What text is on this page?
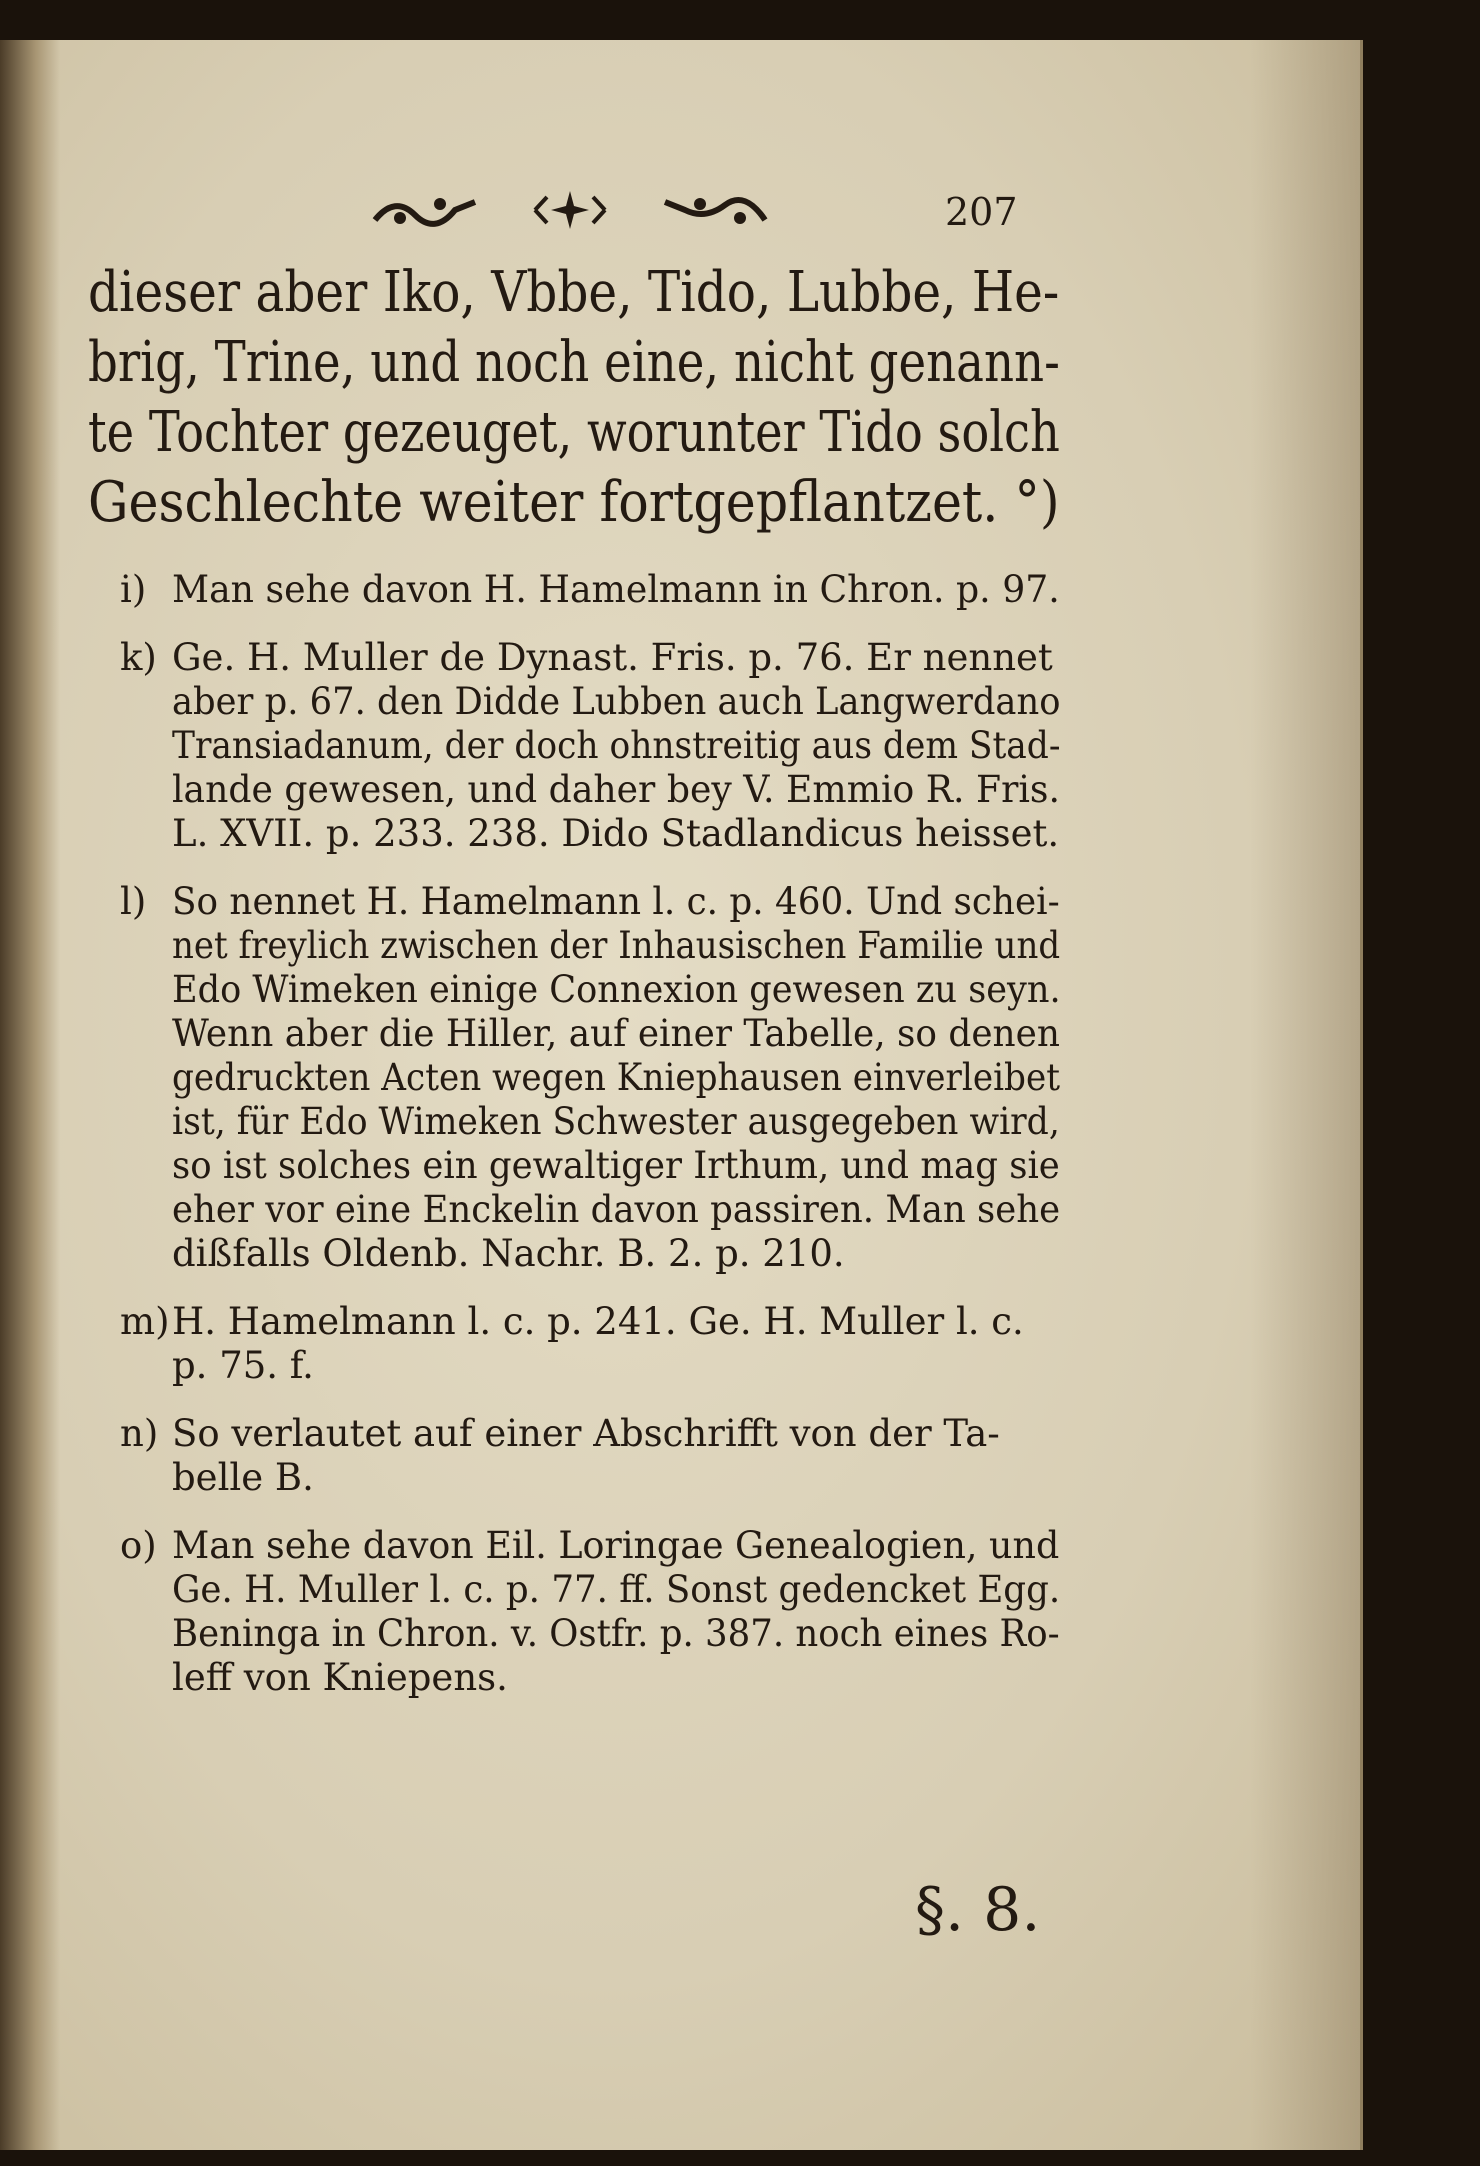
207
dieser aber Iko, Vbbe, Tido, Lubbe, He-
brig, Trine, und noch eine, nicht genann-
te Tochter gezeuget, worunter Tido solch
Geschlechte weiter fortgepflantzet. °)
i) Man sehe davon H. Hamelmann in Chron. p. 97.
k) Ge. H. Muller de Dynast. Fris. p. 76. Er nennet
aber p. 67. den Didde Lubben auch Langwerdano
Transiadanum, der doch ohnstreitig aus dem Stad-
lande gewesen, und daher bey V. Emmio R. Fris.
L. XVII. p. 233. 238. Dido Stadlandicus heisset.
l) So nennet H. Hamelmann l. c. p. 460. Und schei-
net freylich zwischen der Inhausischen Familie und
Edo Wimeken einige Connexion gewesen zu seyn.
Wenn aber die Hiller, auf einer Tabelle, so denen
gedruckten Acten wegen Kniephausen einverleibet
ist, für Edo Wimeken Schwester ausgegeben wird,
so ist solches ein gewaltiger Irthum, und mag sie
eher vor eine Enckelin davon passiren. Man sehe
dißfalls Oldenb. Nachr. B. 2. p. 210.
m) H. Hamelmann l. c. p. 241. Ge. H. Muller l. c.
p. 75. f.
n) So verlautet auf einer Abschrifft von der Ta-
belle B.
o) Man sehe davon Eil. Loringae Genealogien, und
Ge. H. Muller l. c. p. 77. ff. Sonst gedencket Egg.
Beninga in Chron. v. Ostfr. p. 387. noch eines Ro-
leff von Kniepens.
§. 8.
